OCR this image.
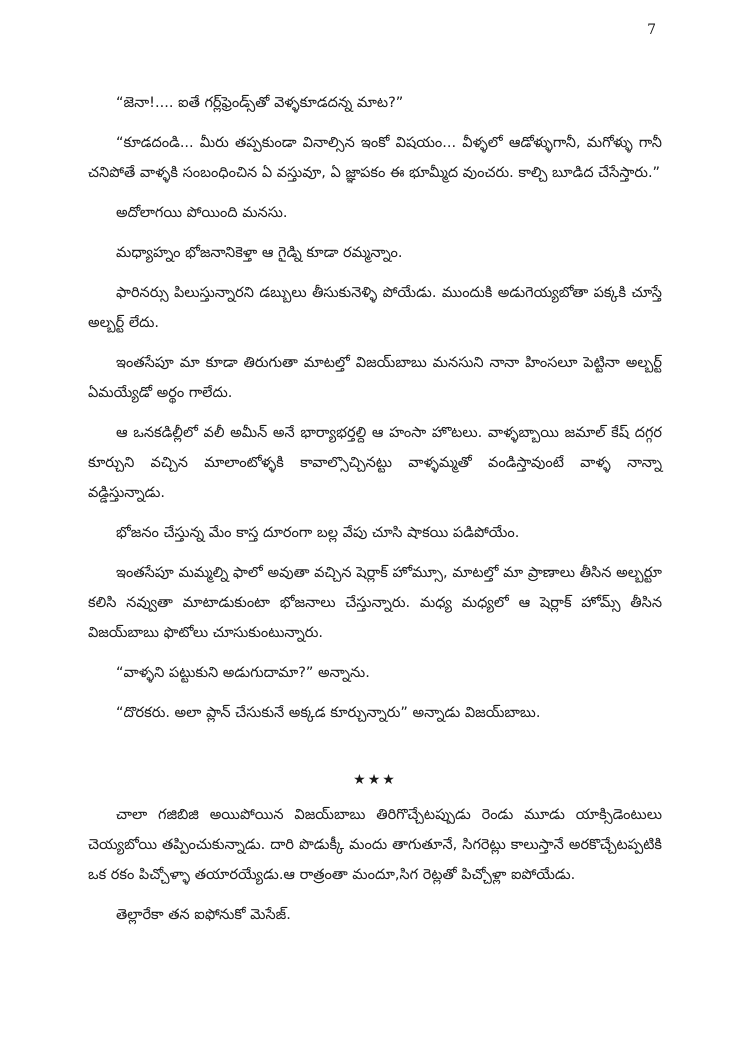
7

“జెనా!.... ఐతే గర్ల్‌ఫ్రెండ్స్‌తో వెళ్ళకూడదన్న మాట?”

“కూడదండి... మీరు తప్పకుండా వినాల్సిన ఇంకో విషయం... వీళ్ళలో ఆడోళ్ళుగానీ, మగోళ్ళు గానీ చనిపోతే వాళ్ళకి సంబంధించిన ఏ వస్తువూ, ఏ జ్ఞాపకం ఈ భూమ్మీద వుంచరు. కాల్చి బూడిద చేసేస్తారు.”

అదోలాగయి పోయింది మనసు.

మధ్యాహ్నం భోజనానికెళ్తా ఆ గైడ్ని కూడా రమ్మన్నాం.

ఫారినర్సు పిలుస్తున్నారని డబ్బులు తీసుకునెళ్ళి పోయేడు. ముందుకి అడుగెయ్యబోతా పక్కకి చూస్తే అల్బర్ట్ లేదు.

ఇంతసేపూ మా కూడా తిరుగుతా మాటల్తో విజయ్‌బాబు మనసుని నానా హింసలూ పెట్టినా అల్బర్ట్ ఏమయ్యేడో అర్థం గాలేదు.

ఆ ఒనకడిల్లీలో వలీ అమీన్ అనే భార్యాభర్తల్ది ఆ హంసా హొటలు. వాళ్ళబ్బాయి జమాల్ కేష్ దగ్గర కూర్చుని వచ్చిన మాలాంటోళ్ళకి కావాల్సొచ్చినట్టు వాళ్ళమ్మతో వండిస్తావుంటే వాళ్ళ నాన్నా వడ్డిస్తున్నాడు.

భోజనం చేస్తున్న మేం కాస్త దూరంగా బల్ల వేపు చూసి షాకయి పడిపోయేం.

ఇంతసేపూ మమ్మల్ని ఫాలో అవుతా వచ్చిన షెర్లాక్ హోమ్సూ, మాటల్తో మా ప్రాణాలు తీసిన అల్బర్టూ కలిసి నవ్వుతా మాటాడుకుంటా భోజనాలు చేస్తున్నారు. మధ్య మధ్యలో ఆ షెర్లాక్ హోమ్స్ తీసిన విజయ్‌బాబు ఫొటోలు చూసుకుంటున్నారు.

“వాళ్ళని పట్టుకుని అడుగుదామా?” అన్నాను.

“దొరకరు. అలా ప్లాన్ చేసుకునే అక్కడ కూర్చున్నారు” అన్నాడు విజయ్‌బాబు.

★★★

చాలా గజిబిజి అయిపోయిన విజయ్‌బాబు తిరిగొచ్చేటప్పుడు రెండు మూడు యాక్సిడెంటులు చెయ్యబోయి తప్పించుకున్నాడు. దారి పొడుక్కీ మందు తాగుతూనే, సిగరెట్లు కాలుస్తానే అరకొచ్చేటప్పటికి ఒక రకం పిచ్చోళ్ళా తయారయ్యేడు.ఆ రాత్రంతా మందూ,సిగ రెట్లతో పిచ్చోళ్లా ఐపోయేడు.

తెల్లారేకా తన ఐఫోనుకో మెసేజ్.
